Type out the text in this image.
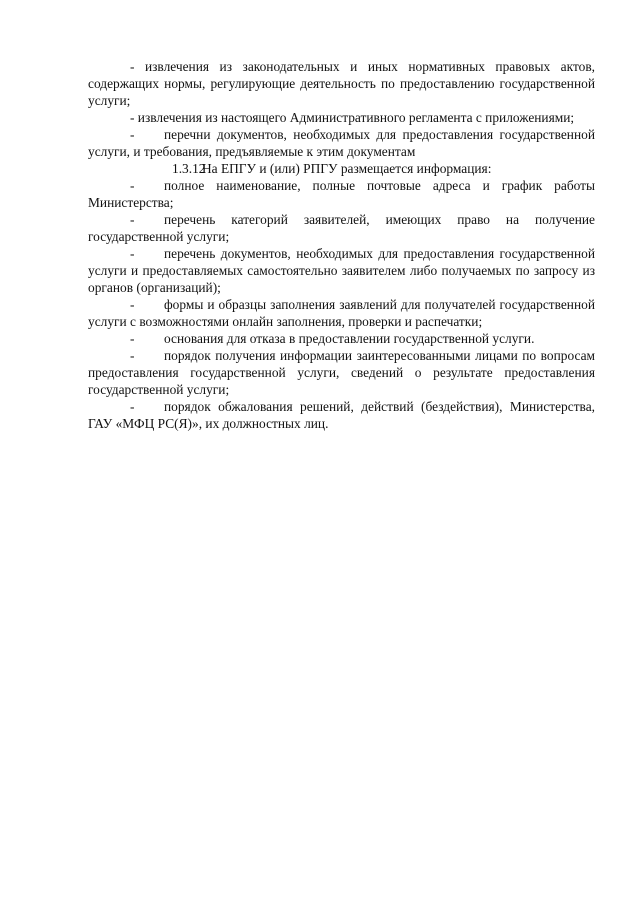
- извлечения из законодательных и иных нормативных правовых актов, содержащих нормы, регулирующие деятельность по предоставлению государственной услуги;

- извлечения из настоящего Административного регламента с приложениями;

- перечни документов, необходимых для предоставления государственной услуги, и требования, предъявляемые к этим документам

1.3.12На ЕПГУ и (или) РПГУ размещается информация:

- полное наименование, полные почтовые адреса и график работы Министерства;

- перечень категорий заявителей, имеющих право на получение государственной услуги;

- перечень документов, необходимых для предоставления государственной услуги и предоставляемых самостоятельно заявителем либо получаемых по запросу из органов (организаций);

- формы и образцы заполнения заявлений для получателей государственной услуги с возможностями онлайн заполнения, проверки и распечатки;

- основания для отказа в предоставлении государственной услуги.

- порядок получения информации заинтересованными лицами по вопросам предоставления государственной услуги, сведений о результате предоставления государственной услуги;

- порядок обжалования решений, действий (бездействия), Министерства, ГАУ «МФЦ РС(Я)», их должностных лиц.
